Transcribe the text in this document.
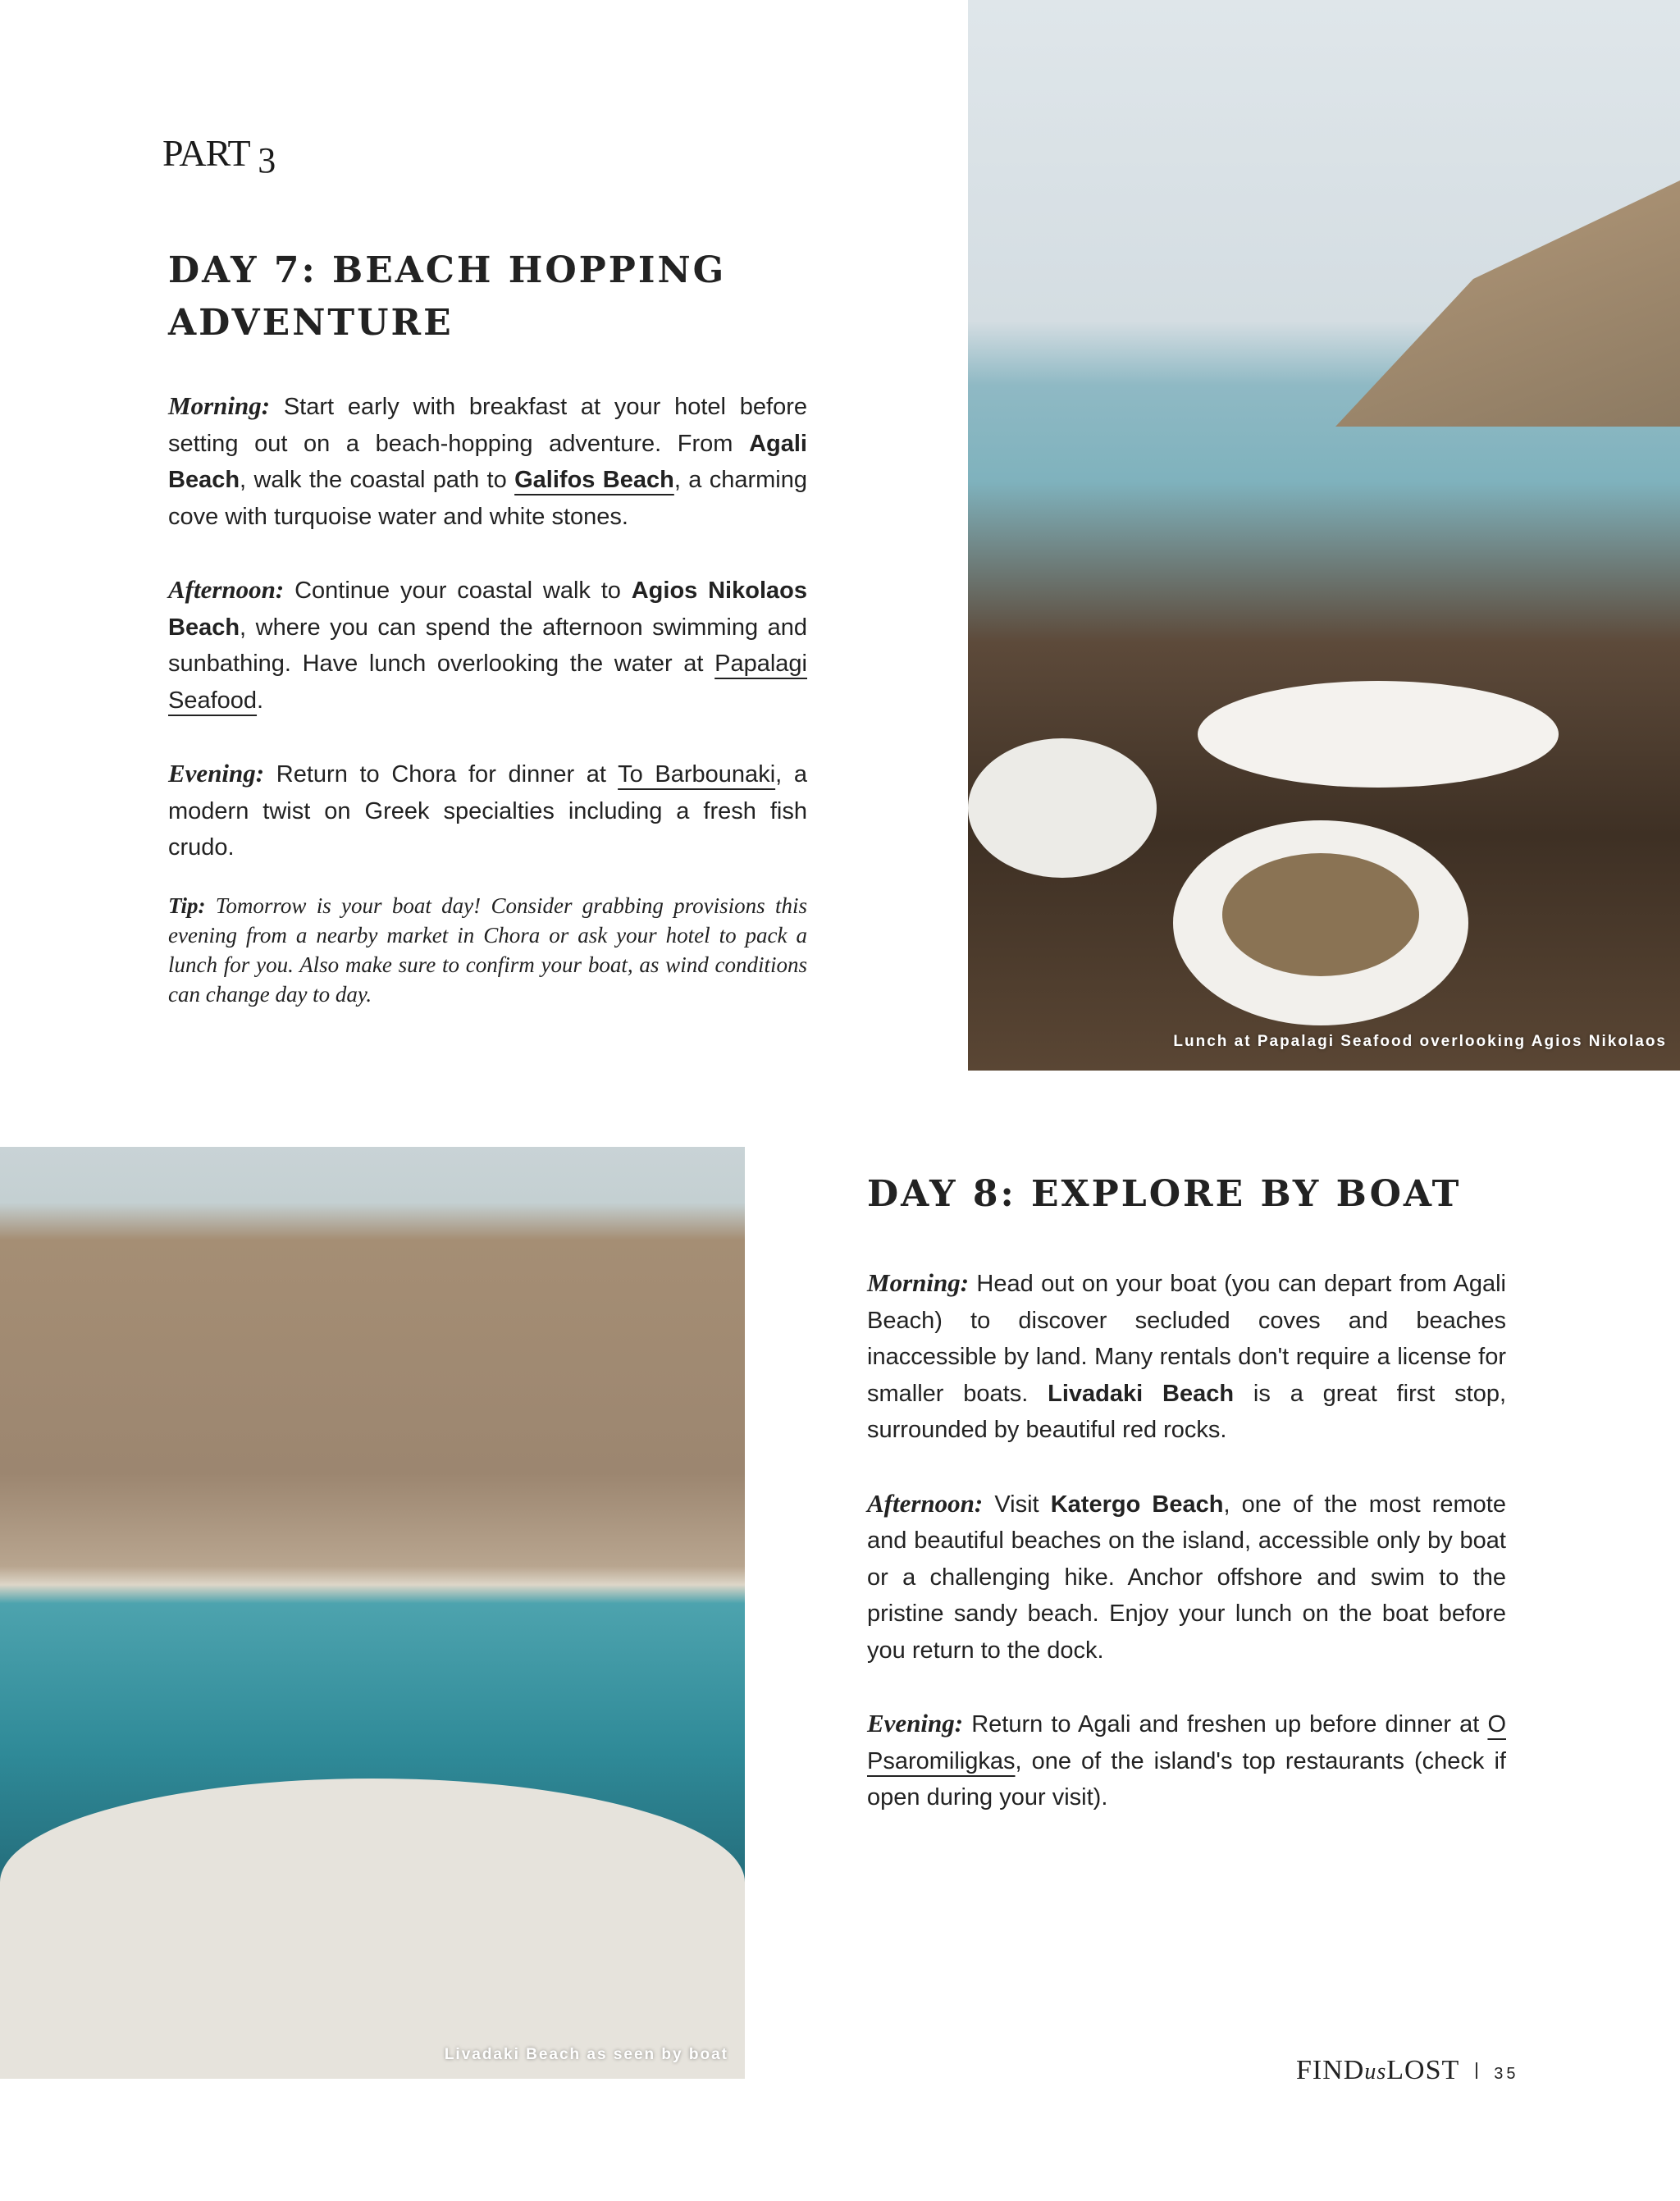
PART 3
DAY 7: BEACH HOPPING
ADVENTURE

Morning: Start early with breakfast at your hotel before setting out on a beach-hopping adventure. From Agali Beach, walk the coastal path to Galifos Beach, a charming cove with turquoise water and white stones.

Afternoon: Continue your coastal walk to Agios Nikolaos Beach, where you can spend the afternoon swimming and sunbathing. Have lunch overlooking the water at Papalagi Seafood.

Evening: Return to Chora for dinner at To Barbounaki, a modern twist on Greek specialties including a fresh fish crudo.

Tip: Tomorrow is your boat day! Consider grabbing provisions this evening from a nearby market in Chora or ask your hotel to pack a lunch for you. Also make sure to confirm your boat, as wind conditions can change day to day.
Lunch at Papalagi Seafood overlooking Agios Nikolaos
Livadaki Beach as seen by boat
DAY 8: EXPLORE BY BOAT

Morning: Head out on your boat (you can depart from Agali Beach) to discover secluded coves and beaches inaccessible by land. Many rentals don't require a license for smaller boats. Livadaki Beach is a great first stop, surrounded by beautiful red rocks.

Afternoon: Visit Katergo Beach, one of the most remote and beautiful beaches on the island, accessible only by boat or a challenging hike. Anchor offshore and swim to the pristine sandy beach. Enjoy your lunch on the boat before you return to the dock.

Evening: Return to Agali and freshen up before dinner at O Psaromiligkas, one of the island's top restaurants (check if open during your visit).

FINDusLOST 35
